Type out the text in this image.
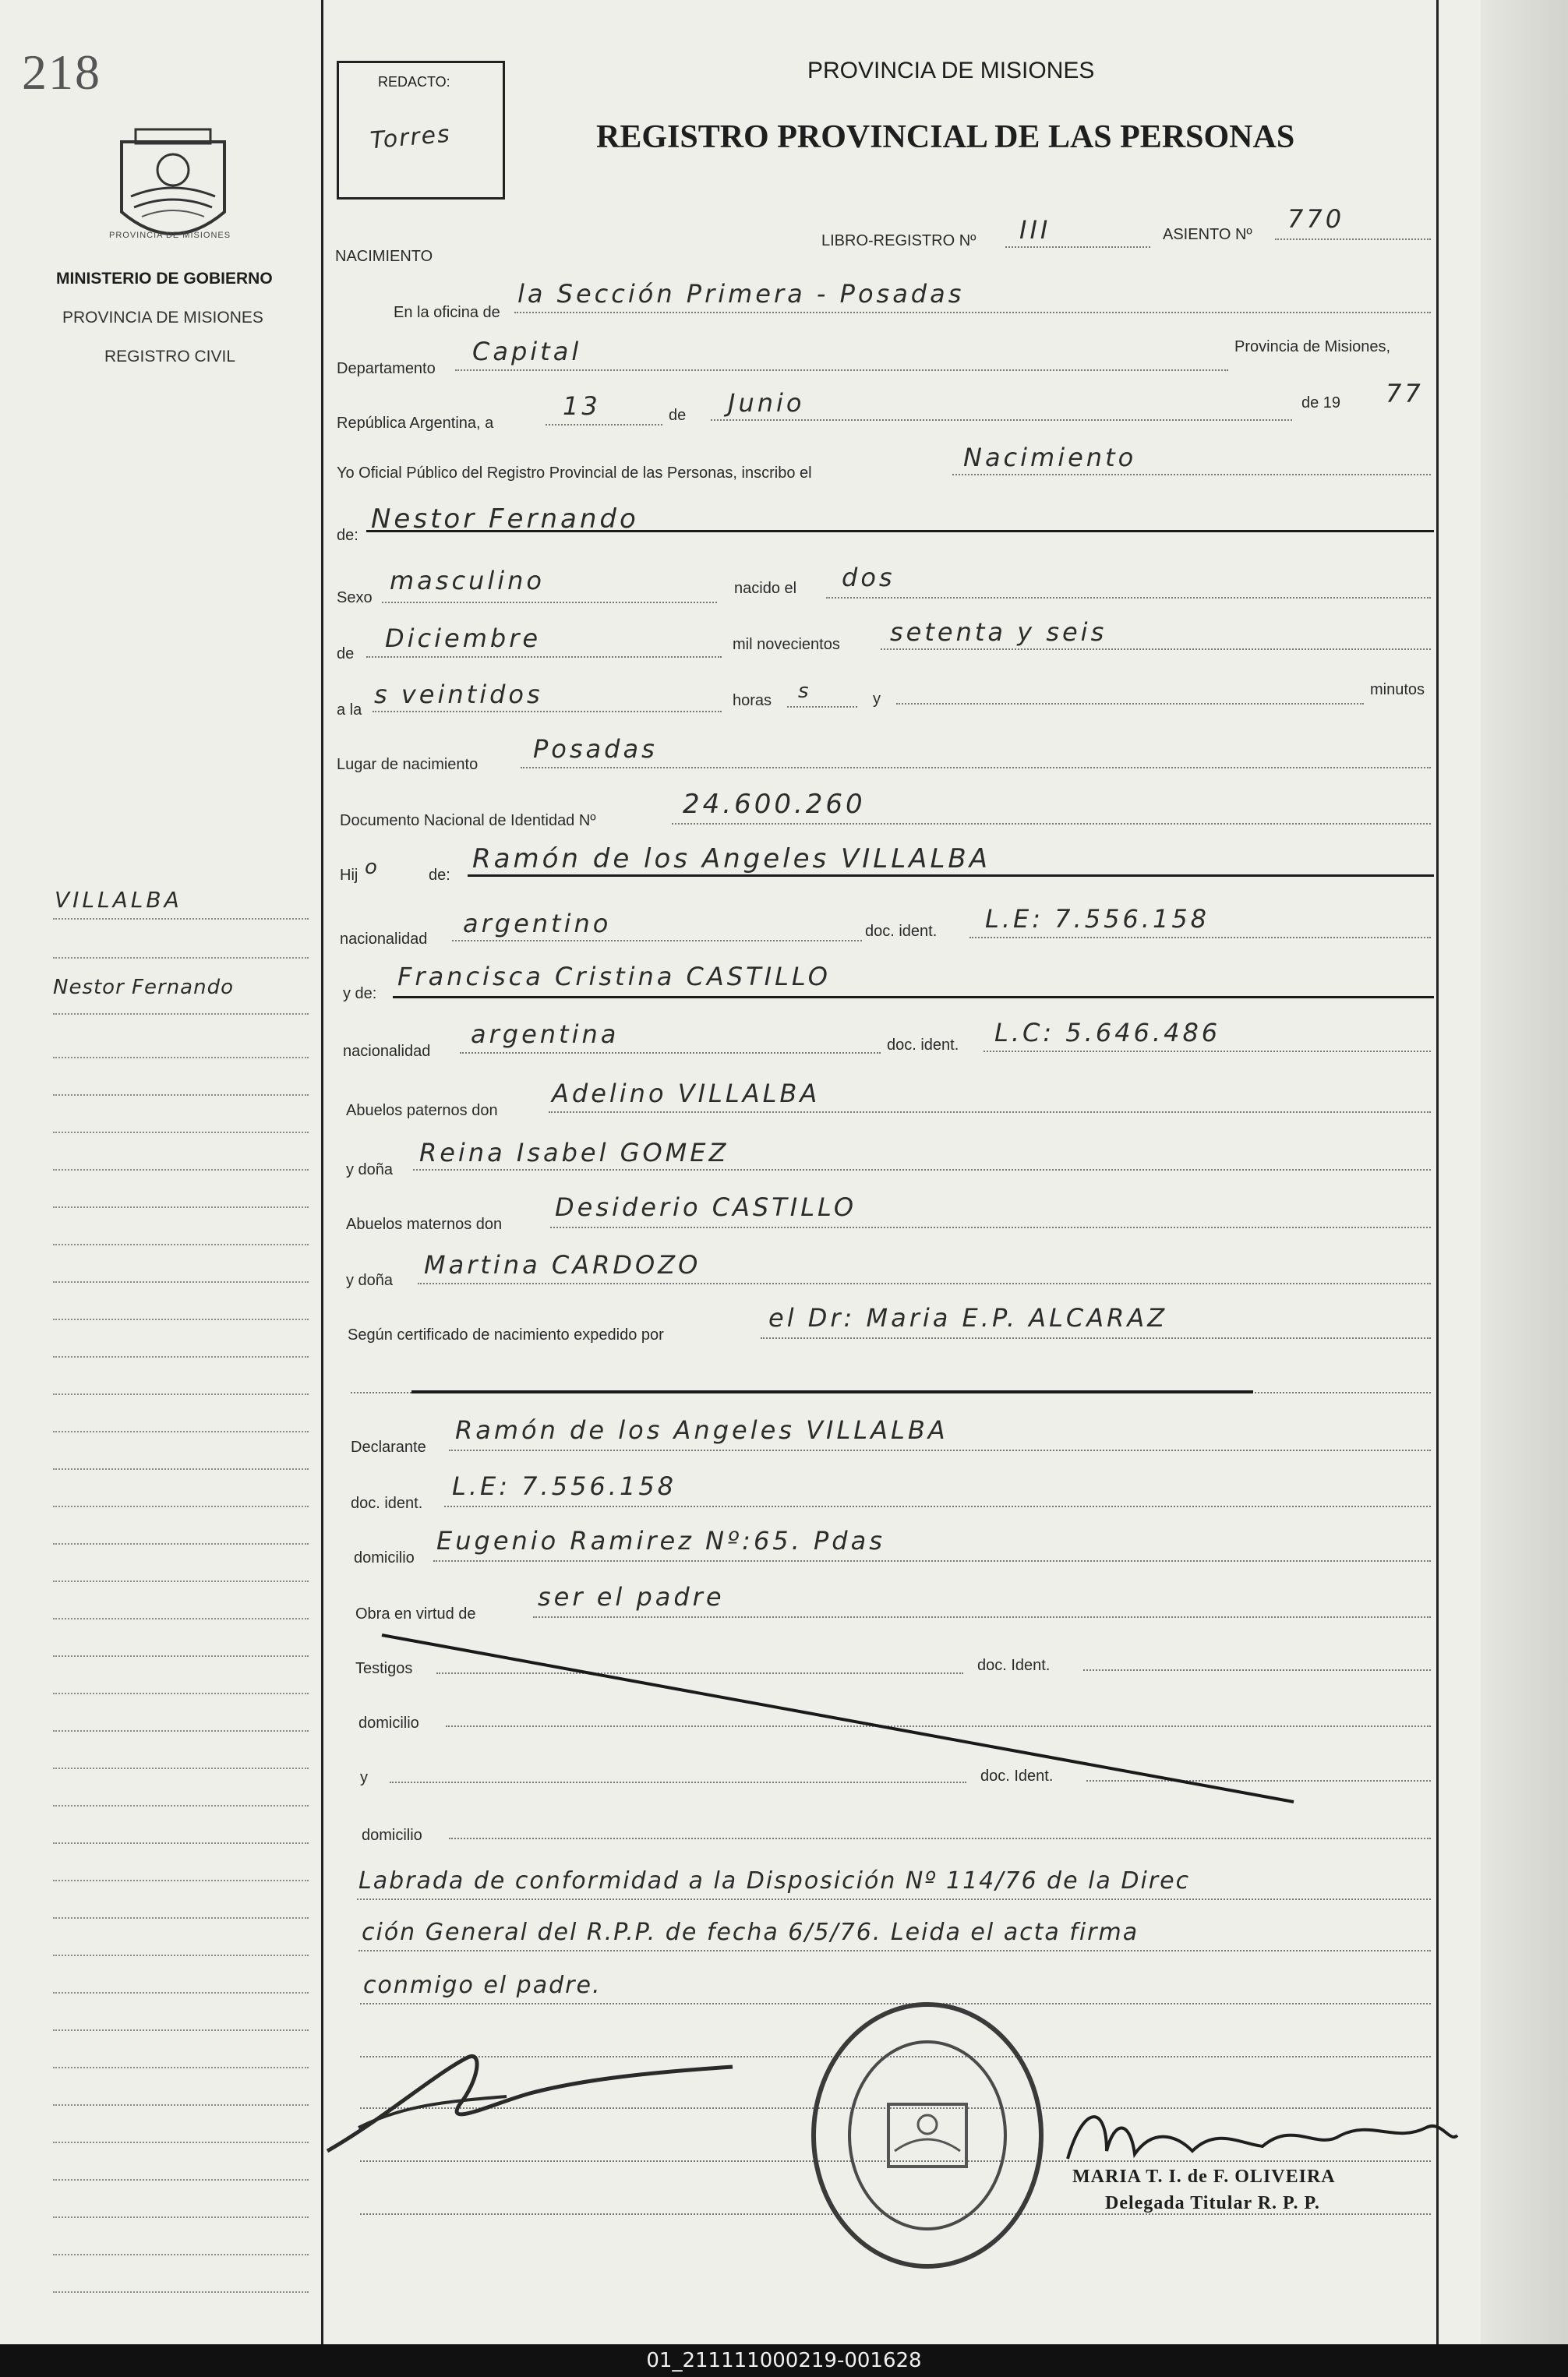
218
PROVINCIA DE MISIONES
MINISTERIO DE GOBIERNO
PROVINCIA DE MISIONES
REGISTRO CIVIL
VILLALBA
Nestor Fernando
REDACTO:
Torres
PROVINCIA DE MISIONES
REGISTRO PROVINCIAL DE LAS PERSONAS
NACIMIENTO
LIBRO-REGISTRO Nº III	ASIENTO Nº
770
En la oficina de
la Sección Primera - Posadas
Departamento
Capital	Provincia de Misiones,
República Argentina, a
13	de Junio	de 19 77
Yo Oficial Público del Registro Provincial de las Personas, inscribo el
Nacimiento
de:
Nestor Fernando
Sexo
masculino	nacido el dos
de
Diciembre	mil novecientos setenta y seis
a la
s veintidos	horas s	y
minutos
Lugar de nacimiento
Posadas
Documento Nacional de Identidad Nº
24.600.260
Hij o	de:
Ramón de los Angeles VILLALBA
nacionalidad
argentino	doc. ident. L.E: 7.556.158
y de:
Francisca Cristina CASTILLO
nacionalidad
argentina	doc. ident. L.C: 5.646.486
Abuelos paternos don
Adelino VILLALBA
y doña
Reina Isabel GOMEZ
Abuelos maternos don
Desiderio CASTILLO
y doña
Martina CARDOZO
Según certificado de nacimiento expedido por
el Dr: Maria E.P. ALCARAZ
Declarante
Ramón de los Angeles VILLALBA
doc. ident.
L.E: 7.556.158
domicilio
Eugenio Ramirez Nº:65. Pdas
Obra en virtud de
ser el padre
Testigos	doc. Ident.
domicilio
y	doc. Ident.
domicilio
Labrada de conformidad a la Disposición Nº 114/76 de la Direc
ción General del R.P.P. de fecha 6/5/76. Leida el acta firma
conmigo el padre.
MARIA T. I. de F. OLIVEIRA
Delegada Titular R. P. P.
01_211111000219-001628
